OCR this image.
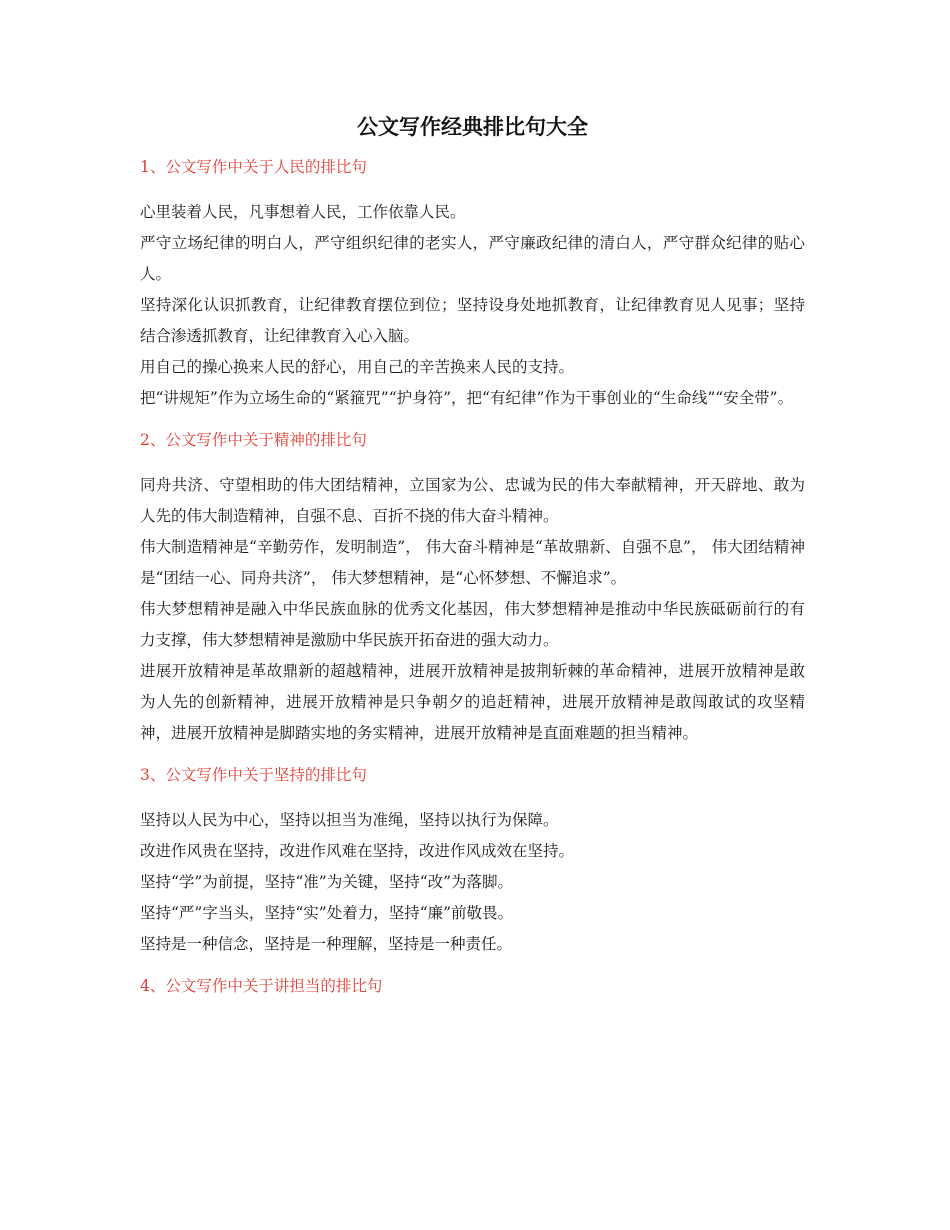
公文写作经典排比句大全
1、公文写作中关于人民的排比句

心里装着人民，凡事想着人民，工作依靠人民。

严守立场纪律的明白人，严守组织纪律的老实人，严守廉政纪律的清白人，严守群众纪律的贴心人。

坚持深化认识抓教育，让纪律教育摆位到位；坚持设身处地抓教育，让纪律教育见人见事；坚持结合渗透抓教育，让纪律教育入心入脑。

用自己的操心换来人民的舒心，用自己的辛苦换来人民的支持。

把“讲规矩”作为立场生命的“紧箍咒”“护身符”，把“有纪律”作为干事创业的“生命线”“安全带”。

2、公文写作中关于精神的排比句

同舟共济、守望相助的伟大团结精神，立国家为公、忠诚为民的伟大奉献精神，开天辟地、敢为人先的伟大制造精神，自强不息、百折不挠的伟大奋斗精神。

伟大制造精神是“辛勤劳作，发明制造”， 伟大奋斗精神是“革故鼎新、自强不息”， 伟大团结精神是“团结一心、同舟共济”， 伟大梦想精神，是“心怀梦想、不懈追求”。

伟大梦想精神是融入中华民族血脉的优秀文化基因，伟大梦想精神是推动中华民族砥砺前行的有力支撑，伟大梦想精神是激励中华民族开拓奋进的强大动力。

进展开放精神是革故鼎新的超越精神，进展开放精神是披荆斩棘的革命精神，进展开放精神是敢为人先的创新精神，进展开放精神是只争朝夕的追赶精神，进展开放精神是敢闯敢试的攻坚精神，进展开放精神是脚踏实地的务实精神，进展开放精神是直面难题的担当精神。

3、公文写作中关于坚持的排比句

坚持以人民为中心，坚持以担当为准绳，坚持以执行为保障。

改进作风贵在坚持，改进作风难在坚持，改进作风成效在坚持。

坚持“学”为前提，坚持“准”为关键，坚持“改”为落脚。

坚持“严”字当头，坚持“实”处着力，坚持“廉”前敬畏。

坚持是一种信念，坚持是一种理解，坚持是一种责任。

4、公文写作中关于讲担当的排比句
